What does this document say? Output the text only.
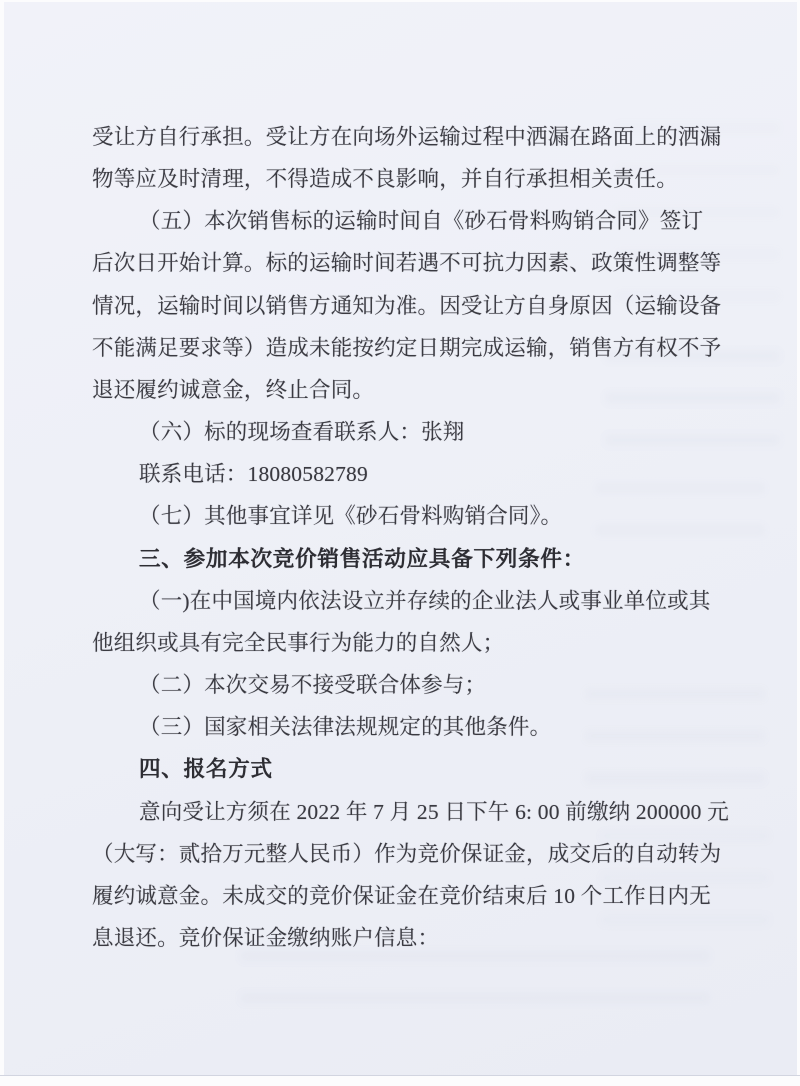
受让方自行承担。受让方在向场外运输过程中洒漏在路面上的洒漏
物等应及时清理，不得造成不良影响，并自行承担相关责任。
（五）本次销售标的运输时间自《砂石骨料购销合同》签订
后次日开始计算。标的运输时间若遇不可抗力因素、政策性调整等
情况，运输时间以销售方通知为准。因受让方自身原因（运输设备
不能满足要求等）造成未能按约定日期完成运输，销售方有权不予
退还履约诚意金，终止合同。
（六）标的现场查看联系人：张翔
联系电话：18080582789
（七）其他事宜详见《砂石骨料购销合同》。
三、参加本次竞价销售活动应具备下列条件：
（一)在中国境内依法设立并存续的企业法人或事业单位或其
他组织或具有完全民事行为能力的自然人；
（二）本次交易不接受联合体参与；
（三）国家相关法律法规规定的其他条件。
四、报名方式
意向受让方须在 2022 年 7 月 25 日下午 6: 00 前缴纳 200000 元
（大写：贰拾万元整人民币）作为竞价保证金，成交后的自动转为
履约诚意金。未成交的竞价保证金在竞价结束后 10 个工作日内无
息退还。竞价保证金缴纳账户信息：
